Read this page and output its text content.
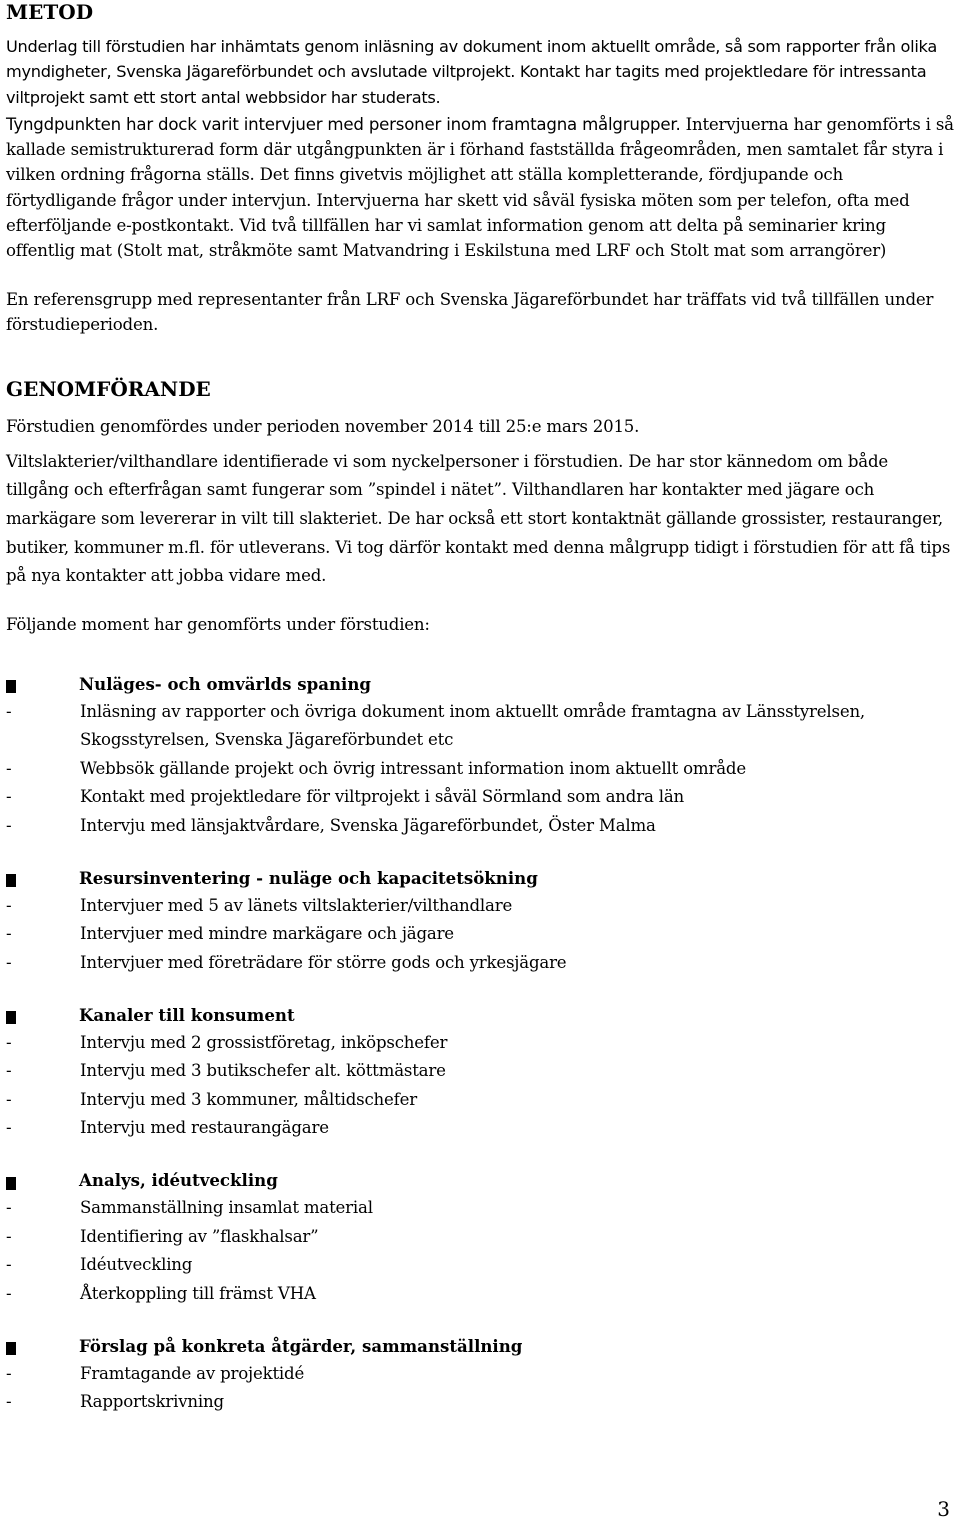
METOD

Underlag till förstudien har inhämtats genom inläsning av dokument inom aktuellt område, så som rapporter från olika myndigheter, Svenska Jägareförbundet och avslutade viltprojekt. Kontakt har tagits med projektledare för intressanta viltprojekt samt ett stort antal webbsidor har studerats.

Tyngdpunkten har dock varit intervjuer med personer inom framtagna målgrupper. Intervjuerna har genomförts i så kallade semistrukturerad form där utgångpunkten är i förhand fastställda frågeområden, men samtalet får styra i vilken ordning frågorna ställs. Det finns givetvis möjlighet att ställa kompletterande, fördjupande och förtydligande frågor under intervjun. Intervjuerna har skett vid såväl fysiska möten som per telefon, ofta med efterföljande e-postkontakt. Vid två tillfällen har vi samlat information genom att delta på seminarier kring offentlig mat (Stolt mat, stråkmöte samt Matvandring i Eskilstuna med LRF och Stolt mat som arrangörer)

En referensgrupp med representanter från LRF och Svenska Jägareförbundet har träffats vid två tillfällen under förstudieperioden.

GENOMFÖRANDE

Förstudien genomfördes under perioden november 2014 till 25:e mars 2015.

Viltslakterier/vilthandlare identifierade vi som nyckelpersoner i förstudien. De har stor kännedom om både tillgång och efterfrågan samt fungerar som ”spindel i nätet”. Vilthandlaren har kontakter med jägare och markägare som levererar in vilt till slakteriet. De har också ett stort kontaktnät gällande grossister, restauranger, butiker, kommuner m.fl. för utleverans. Vi tog därför kontakt med denna målgrupp tidigt i förstudien för att få tips på nya kontakter att jobba vidare med.

Följande moment har genomförts under förstudien:

Nuläges- och omvärlds spaning
-	Inläsning av rapporter och övriga dokument inom aktuellt område framtagna av Länsstyrelsen, Skogsstyrelsen, Svenska Jägareförbundet etc
-	Webbsök gällande projekt och övrig intressant information inom aktuellt område
-	Kontakt med projektledare för viltprojekt i såväl Sörmland som andra län
-	Intervju med länsjaktvårdare, Svenska Jägareförbundet, Öster Malma
Resursinventering - nuläge och kapacitetsökning
-	Intervjuer med 5 av länets viltslakterier/vilthandlare
-	Intervjuer med mindre markägare och jägare
-	Intervjuer med företrädare för större gods och yrkesjägare
Kanaler till konsument
-	Intervju med 2 grossistföretag, inköpschefer
-	Intervju med 3 butikschefer alt. köttmästare
-	Intervju med 3 kommuner, måltidschefer
-	Intervju med restaurangägare
Analys, idéutveckling
-	Sammanställning insamlat material
-	Identifiering av ”flaskhalsar”
-	Idéutveckling
-	Återkoppling till främst VHA
Förslag på konkreta åtgärder, sammanställning
-	Framtagande av projektidé
-	Rapportskrivning
3
